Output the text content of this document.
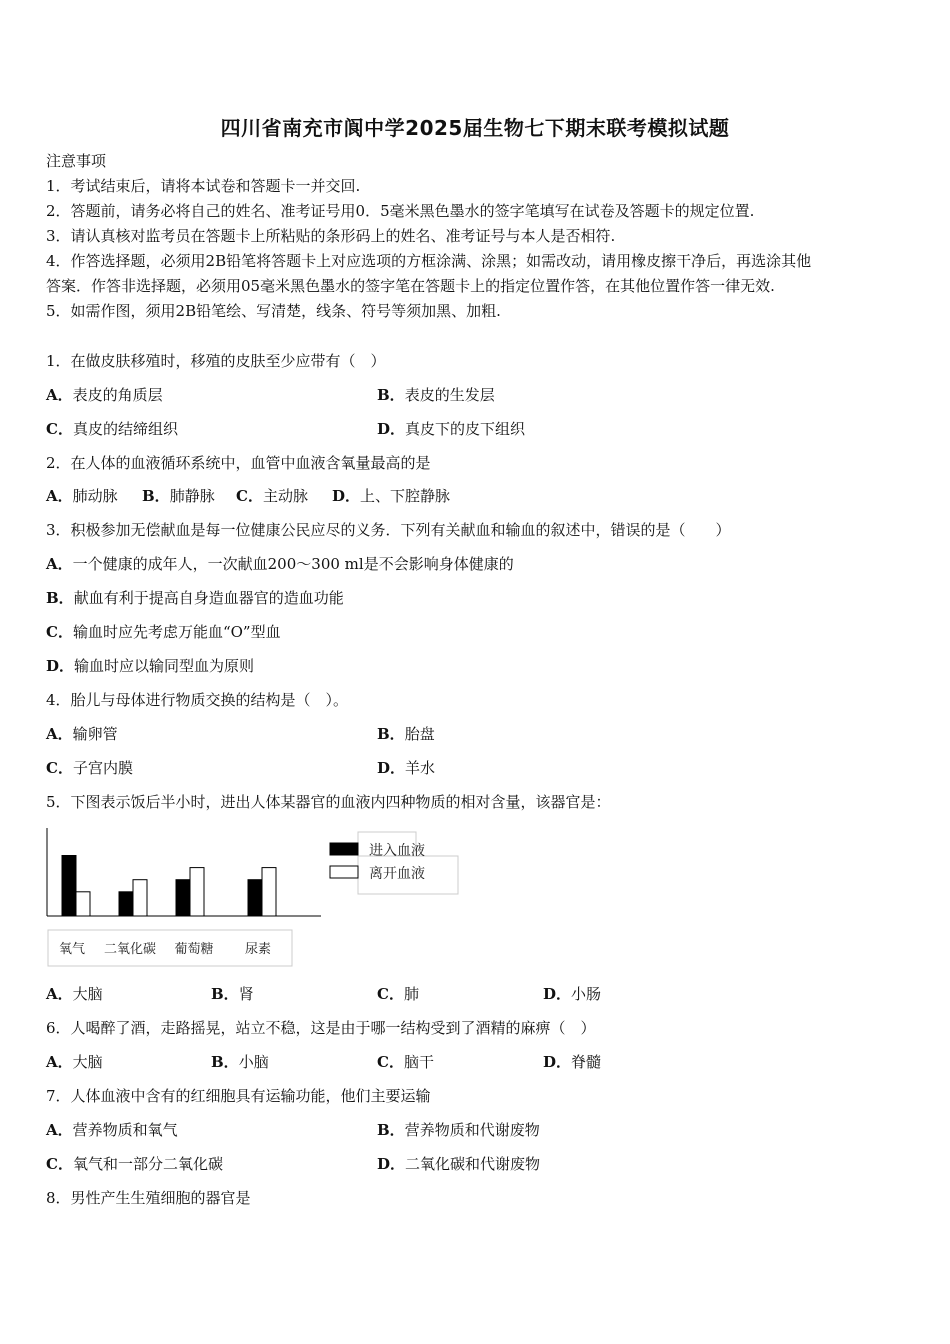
四川省南充市阆中学2025届生物七下期末联考模拟试题
注意事项
1．考试结束后，请将本试卷和答题卡一并交回.
2．答题前，请务必将自己的姓名、准考证号用0．5毫米黑色墨水的签字笔填写在试卷及答题卡的规定位置.
3．请认真核对监考员在答题卡上所粘贴的条形码上的姓名、准考证号与本人是否相符.
4．作答选择题，必须用2B铅笔将答题卡上对应选项的方框涂满、涂黑；如需改动，请用橡皮擦干净后，再选涂其他
答案．作答非选择题，必须用05毫米黑色墨水的签字笔在答题卡上的指定位置作答，在其他位置作答一律无效.
5．如需作图，须用2B铅笔绘、写清楚，线条、符号等须加黑、加粗.
1．在做皮肤移殖时，移殖的皮肤至少应带有（　）
A．表皮的角质层	B．表皮的生发层
C．真皮的结缔组织	D．真皮下的皮下组织
2．在人体的血液循环系统中，血管中血液含氧量最高的是
A．肺动脉 B．肺静脉 C．主动脉 D．上、下腔静脉
3．积极参加无偿献血是每一位健康公民应尽的义务．下列有关献血和输血的叙述中，错误的是（　　）
A．一个健康的成年人，一次献血200～300 ml是不会影响身体健康的
B．献血有利于提高自身造血器官的造血功能
C．输血时应先考虑万能血“O”型血
D．输血时应以输同型血为原则
4．胎儿与母体进行物质交换的结构是（　）。
A．输卵管	B．胎盘
C．子宫内膜	D．羊水
5．下图表示饭后半小时，进出人体某器官的血液内四种物质的相对含量，该器官是：
氧气 二氧化碳 葡萄糖 尿素
进入血液
离开血液
A．大脑	B．肾	C．肺	D．小肠
6．人喝醉了酒，走路摇晃，站立不稳，这是由于哪一结构受到了酒精的麻痹（　）
A．大脑	B．小脑	C．脑干	D．脊髓
7．人体血液中含有的红细胞具有运输功能，他们主要运输
A．营养物质和氧气	B．营养物质和代谢废物
C．氧气和一部分二氧化碳	D．二氧化碳和代谢废物
8．男性产生生殖细胞的器官是
